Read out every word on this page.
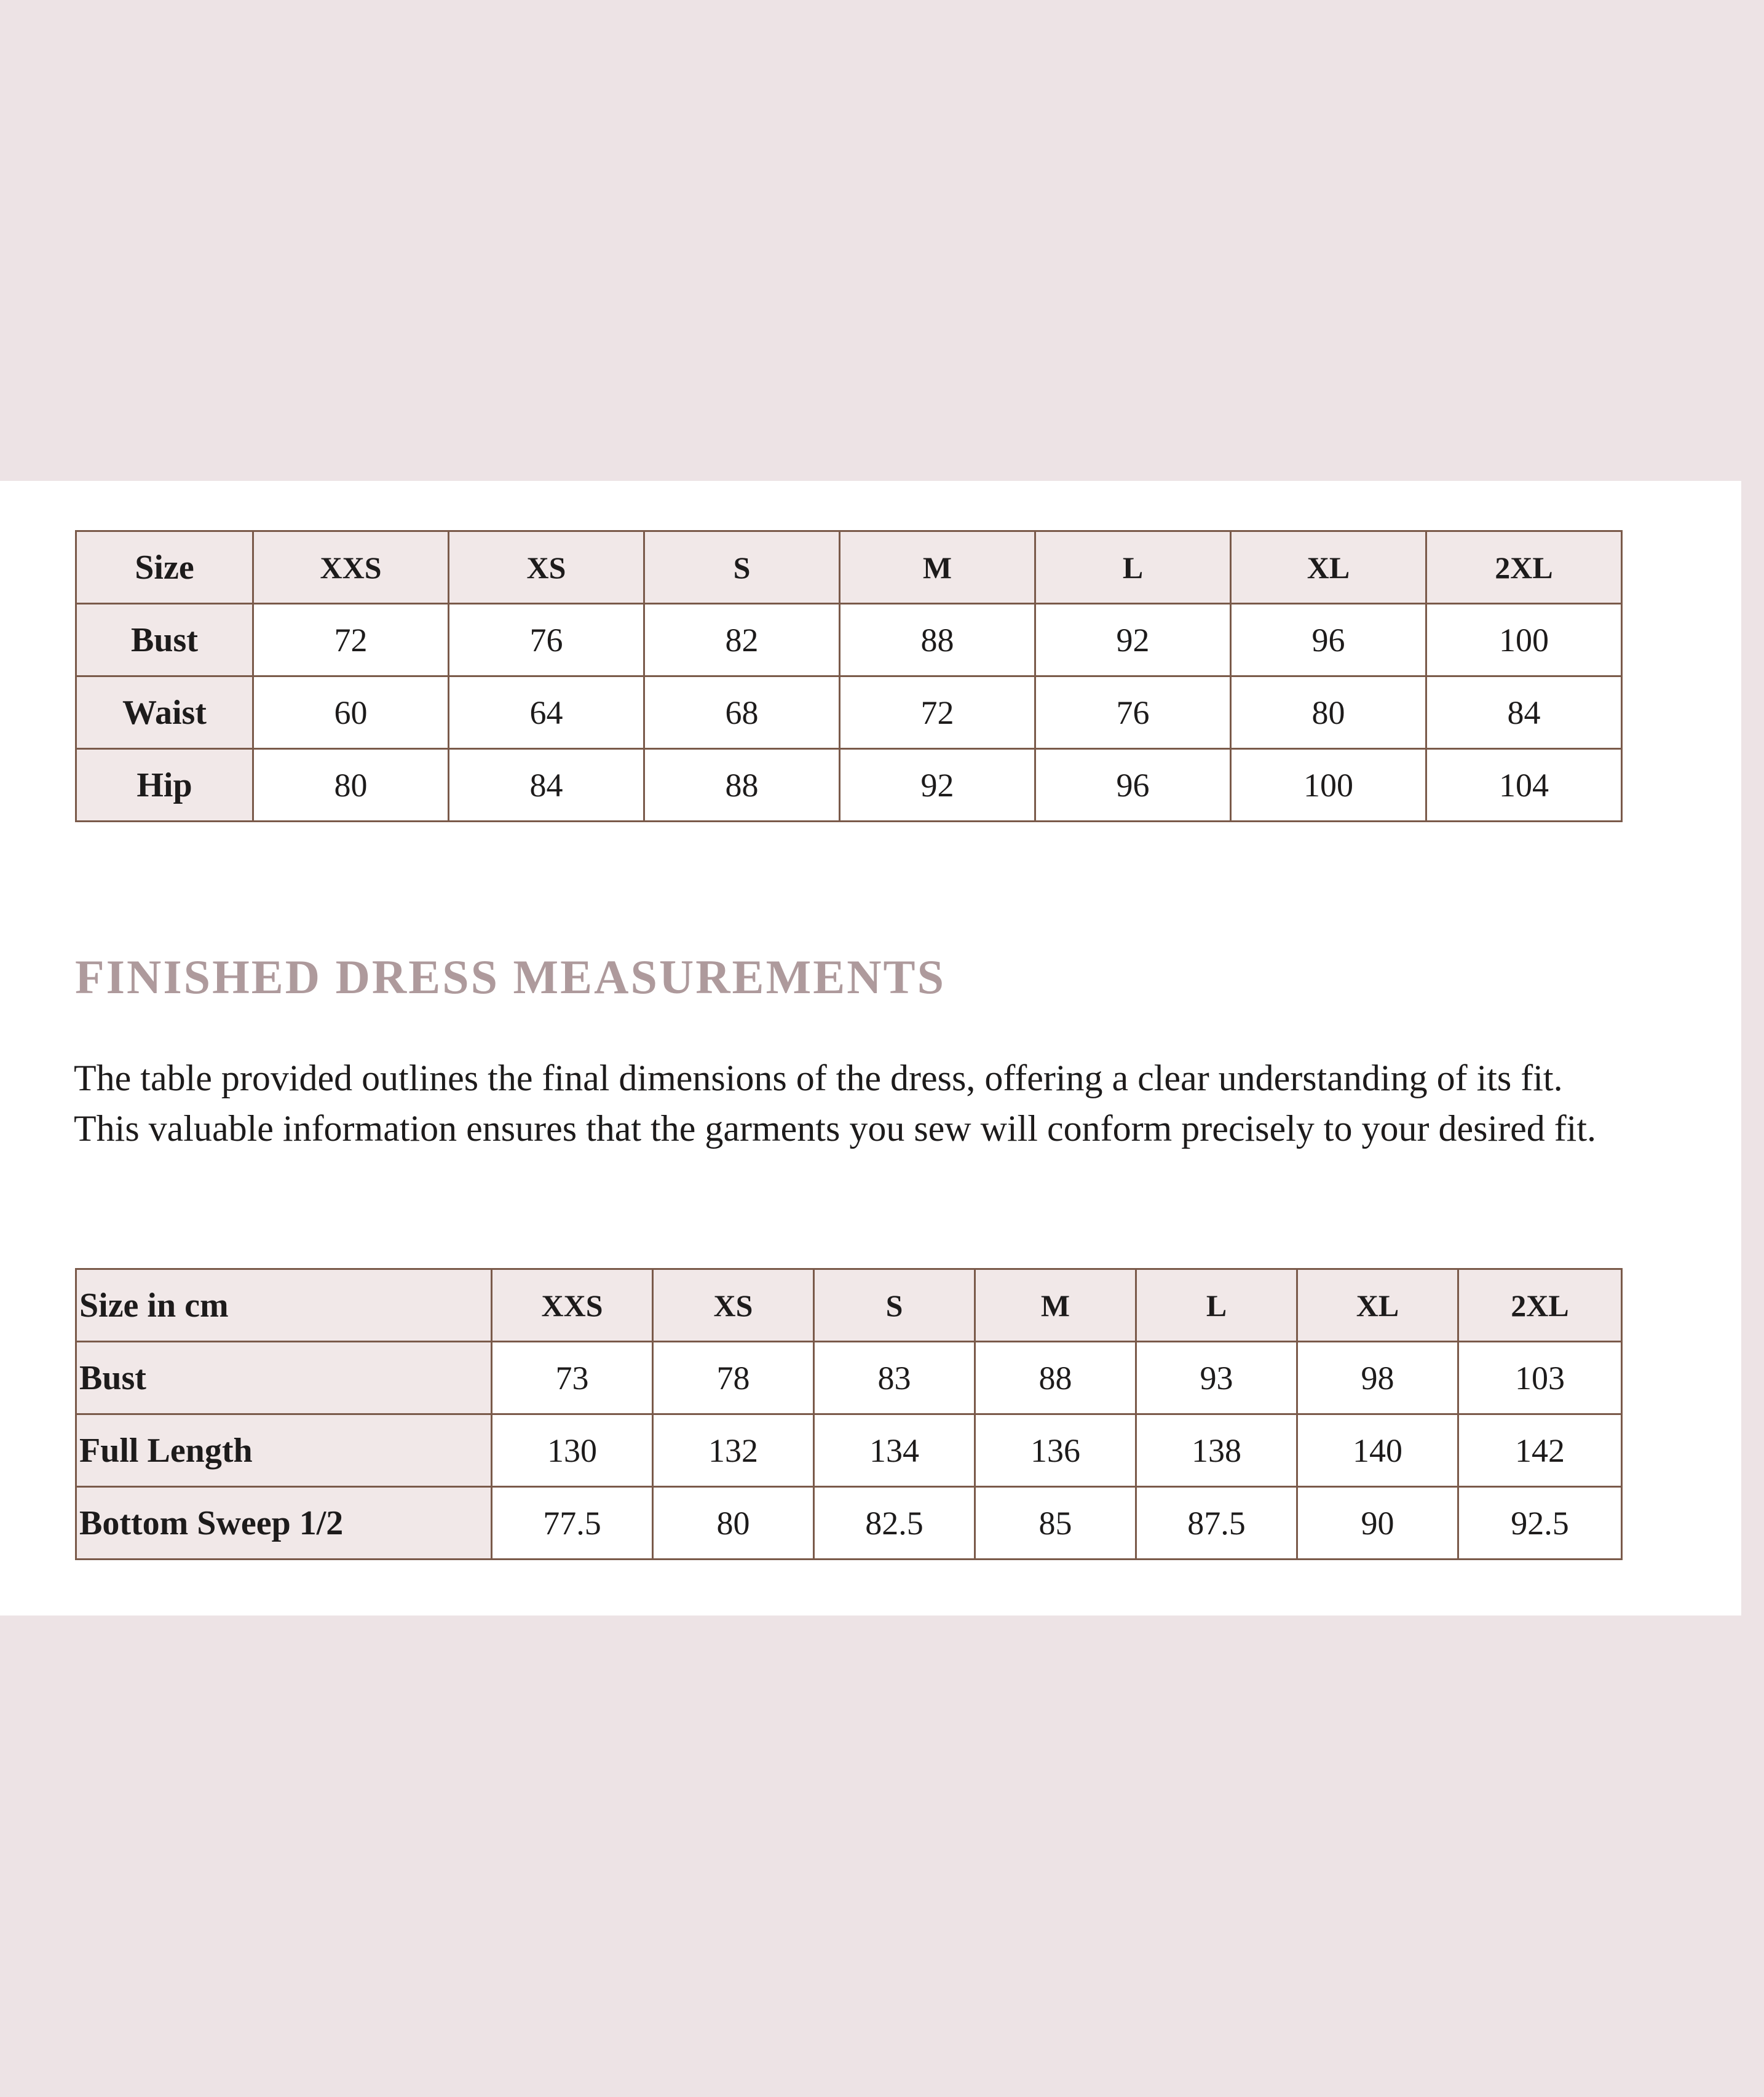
Size	XXS	XS	S	M	L	XL	2XL
Bust	72	76	82	88	92	96	100
Waist	60	64	68	72	76	80	84
Hip	80	84	88	92	96	100	104
FINISHED DRESS MEASUREMENTS

The table provided outlines the final dimensions of the dress, offering a clear understanding of its fit. This valuable information ensures that the garments you sew will conform precisely to your desired fit.

Size in cm	XXS	XS	S	M	L	XL	2XL
Bust	73	78	83	88	93	98	103
Full Length	130	132	134	136	138	140	142
Bottom Sweep 1/2	77.5	80	82.5	85	87.5	90	92.5
